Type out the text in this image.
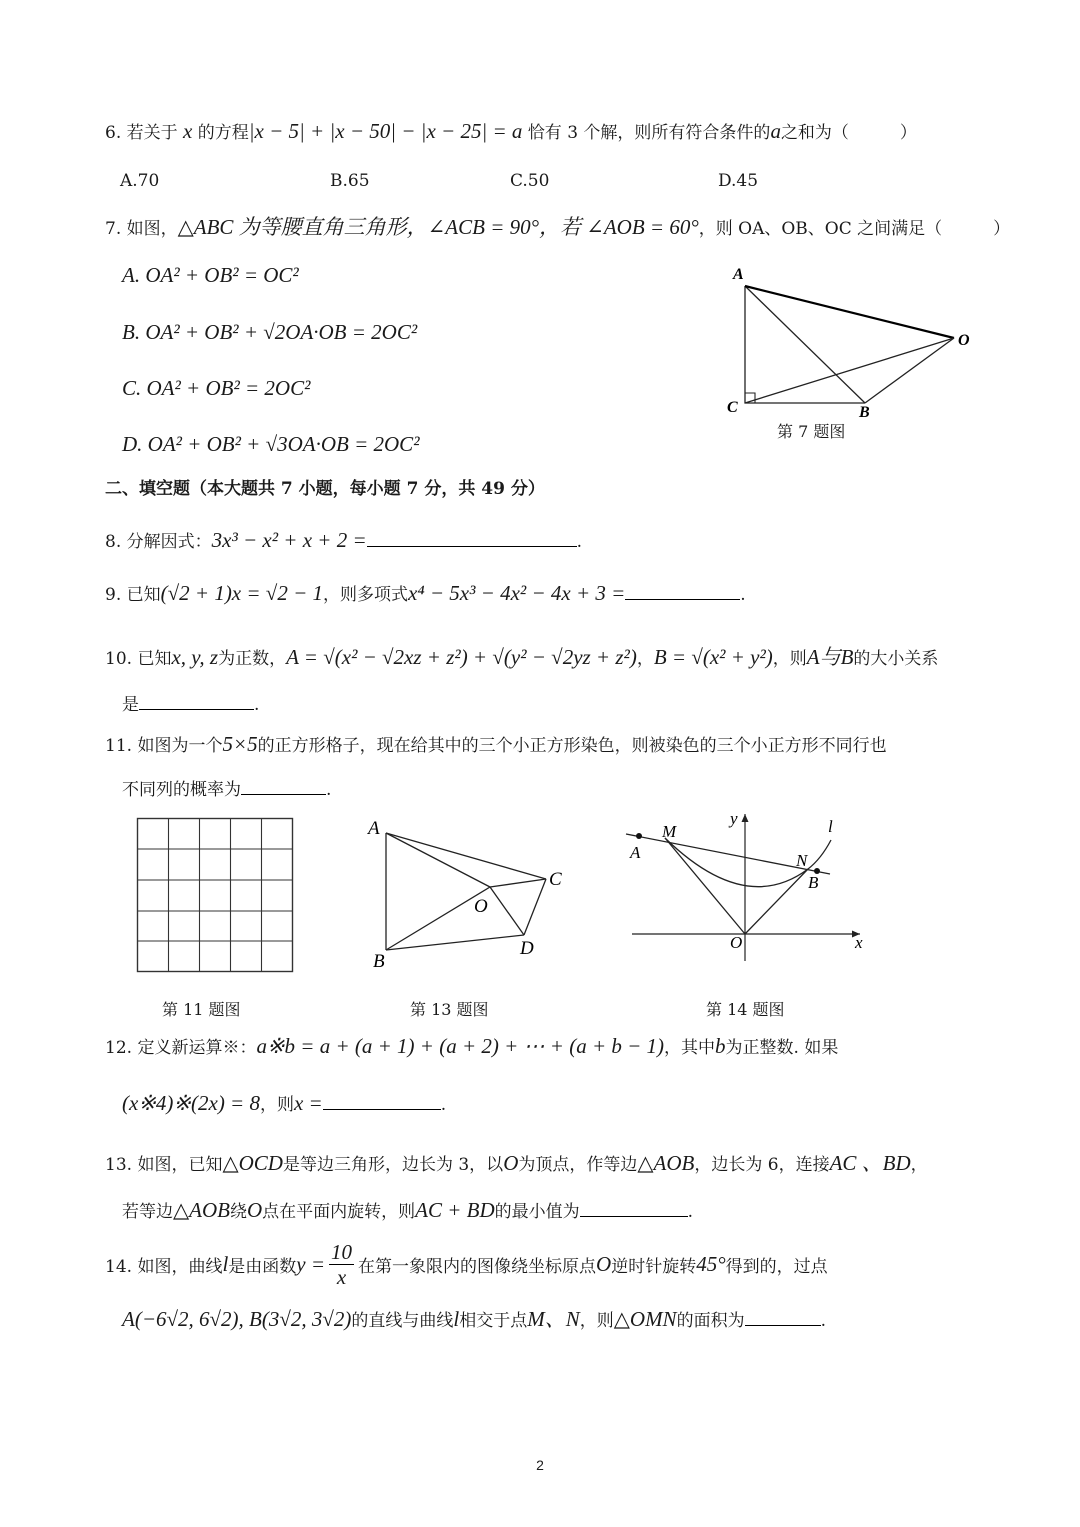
6. 若关于 x 的方程|x − 5| + |x − 50| − |x − 25| = a 恰有 3 个解，则所有符合条件的a之和为（　　　）
A.70	B.65	C.50	D.45
7. 如图，△ABC 为等腰直角三角形，∠ACB = 90°，若 ∠AOB = 60°，则 OA、OB、OC 之间满足（　　　）
A. OA² + OB² = OC²
B. OA² + OB² + √2OA·OB = 2OC²
C. OA² + OB² = 2OC²
D. OA² + OB² + √3OA·OB = 2OC²
A
O
C	B
第 7 题图
二、填空题（本大题共 7 小题，每小题 7 分，共 49 分）
8. 分解因式：3x³ − x² + x + 2 =	.
9. 已知(√2 + 1)x = √2 − 1，则多项式x⁴ − 5x³ − 4x² − 4x + 3 =	.
10. 已知x, y, z为正数，A = √(x² − √2xz + z²) + √(y² − √2yz + z²)，B = √(x² + y²)，则A与B的大小关系
是	.
11. 如图为一个5×5的正方形格子，现在给其中的三个小正方形染色，则被染色的三个小正方形不同行也
不同列的概率为	.
A
C
O
B
D
y	l
M
A	N
B
O	x
第 11 题图	第 13 题图	第 14 题图
12. 定义新运算※：a※b = a + (a + 1) + (a + 2) + ⋯ + (a + b − 1)，其中b为正整数. 如果
(x※4)※(2x) = 8，则x =	.
13. 如图，已知△OCD是等边三角形，边长为 3，以O为顶点，作等边△AOB，边长为 6，连接AC 、BD，
若等边△AOB绕O点在平面内旋转，则AC + BD的最小值为	.
14. 如图，曲线l是由函数$y = \frac{10}{x}$ 在第一象限内的图像绕坐标原点O逆时针旋转45°得到的，过点
A(−6√2, 6√2), B(3√2, 3√2)的直线与曲线l相交于点M、N，则△OMN的面积为	.
2
